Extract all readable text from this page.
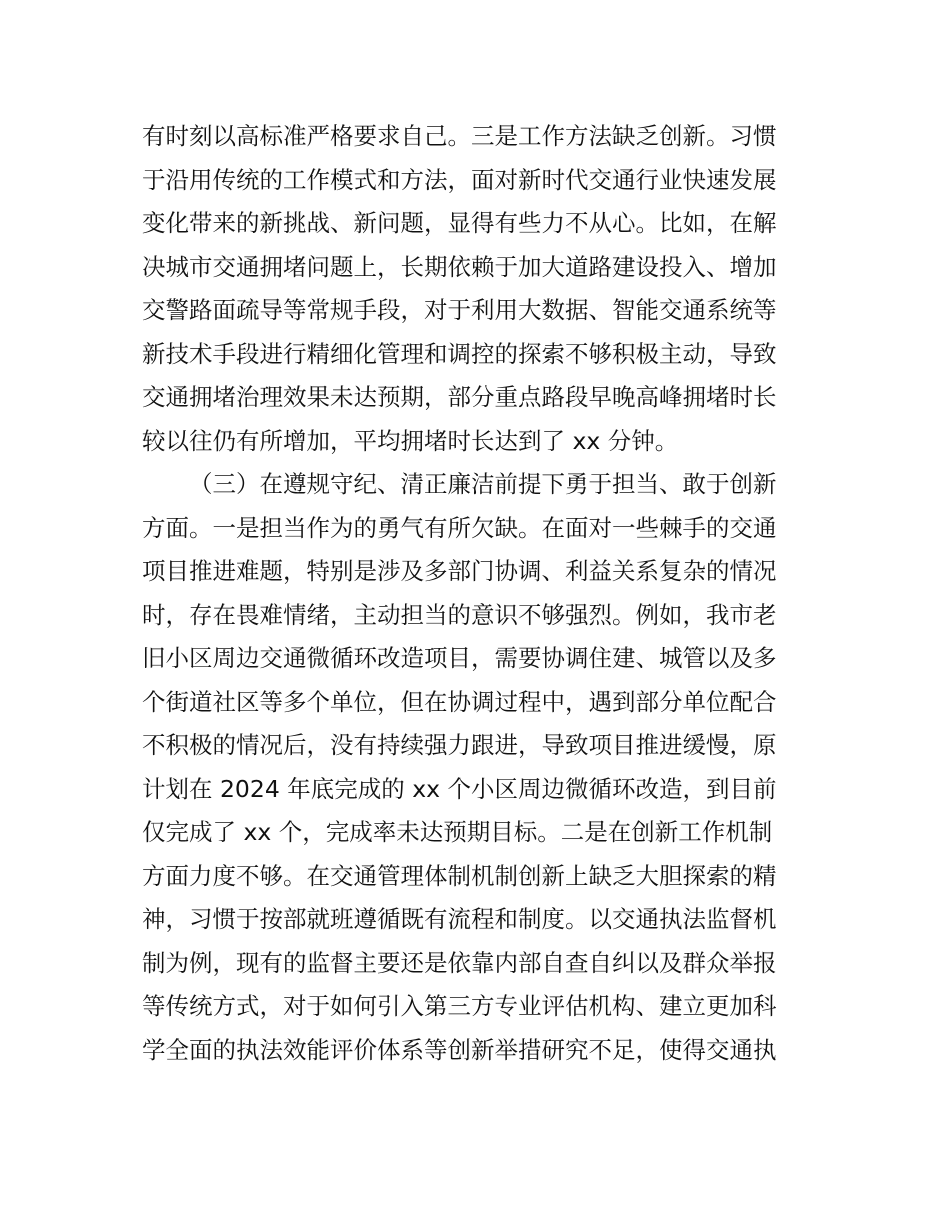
有时刻以高标准严格要求自己。三是工作方法缺乏创新。习惯
于沿用传统的工作模式和方法，面对新时代交通行业快速发展
变化带来的新挑战、新问题，显得有些力不从心。比如，在解
决城市交通拥堵问题上，长期依赖于加大道路建设投入、增加
交警路面疏导等常规手段，对于利用大数据、智能交通系统等
新技术手段进行精细化管理和调控的探索不够积极主动，导致
交通拥堵治理效果未达预期，部分重点路段早晚高峰拥堵时长
较以往仍有所增加，平均拥堵时长达到了 xx 分钟。
（三）在遵规守纪、清正廉洁前提下勇于担当、敢于创新
方面。一是担当作为的勇气有所欠缺。在面对一些棘手的交通
项目推进难题，特别是涉及多部门协调、利益关系复杂的情况
时，存在畏难情绪，主动担当的意识不够强烈。例如，我市老
旧小区周边交通微循环改造项目，需要协调住建、城管以及多
个街道社区等多个单位，但在协调过程中，遇到部分单位配合
不积极的情况后，没有持续强力跟进，导致项目推进缓慢，原
计划在 2024 年底完成的 xx 个小区周边微循环改造，到目前
仅完成了 xx 个，完成率未达预期目标。二是在创新工作机制
方面力度不够。在交通管理体制机制创新上缺乏大胆探索的精
神，习惯于按部就班遵循既有流程和制度。以交通执法监督机
制为例，现有的监督主要还是依靠内部自查自纠以及群众举报
等传统方式，对于如何引入第三方专业评估机构、建立更加科
学全面的执法效能评价体系等创新举措研究不足，使得交通执
